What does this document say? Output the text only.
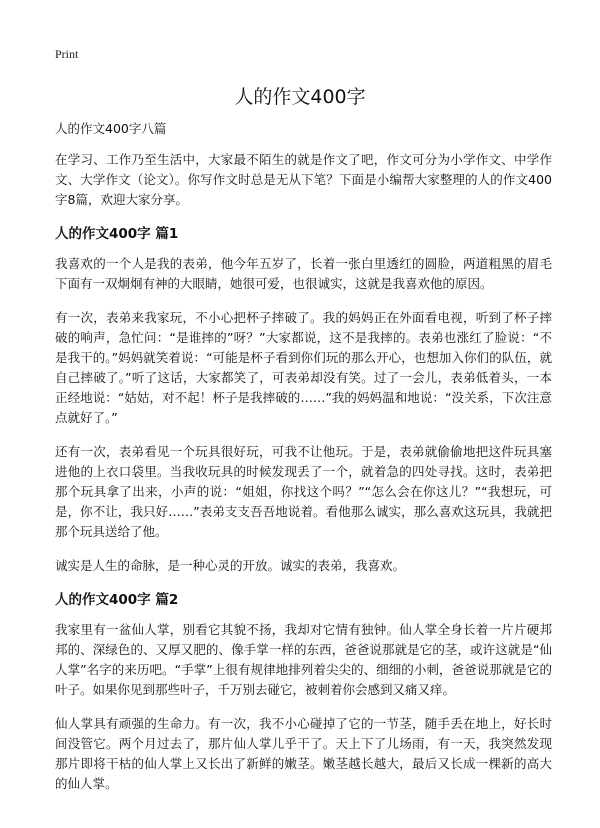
Print
人的作文400字

人的作文400字八篇

在学习、工作乃至生活中，大家最不陌生的就是作文了吧，作文可分为小学作文、中学作文、大学作文（论文）。你写作文时总是无从下笔？下面是小编帮大家整理的人的作文400字8篇，欢迎大家分享。

人的作文400字 篇1

我喜欢的一个人是我的表弟，他今年五岁了，长着一张白里透红的圆脸，两道粗黑的眉毛下面有一双炯炯有神的大眼睛，她很可爱，也很诚实，这就是我喜欢他的原因。

有一次，表弟来我家玩，不小心把杯子摔破了。我的妈妈正在外面看电视，听到了杯子摔破的响声，急忙问：“是谁摔的”呀？”大家都说，这不是我摔的。表弟也涨红了脸说：“不是我干的。”妈妈就笑着说：“可能是杯子看到你们玩的那么开心，也想加入你们的队伍，就自己摔破了。”听了这话，大家都笑了，可表弟却没有笑。过了一会儿，表弟低着头，一本正经地说：“姑姑，对不起！杯子是我摔破的……”我的妈妈温和地说：“没关系，下次注意点就好了。”

还有一次，表弟看见一个玩具很好玩，可我不让他玩。于是，表弟就偷偷地把这件玩具塞进他的上衣口袋里。当我收玩具的时候发现丢了一个，就着急的四处寻找。这时，表弟把那个玩具拿了出来，小声的说：“姐姐，你找这个吗？”“怎么会在你这儿？”“我想玩，可是，你不让，我只好……”表弟支支吾吾地说着。看他那么诚实，那么喜欢这玩具，我就把那个玩具送给了他。

诚实是人生的命脉，是一种心灵的开放。诚实的表弟，我喜欢。

人的作文400字 篇2

我家里有一盆仙人掌，别看它其貌不扬，我却对它情有独钟。仙人掌全身长着一片片硬邦邦的、深绿色的、又厚又肥的、像手掌一样的东西，爸爸说那就是它的茎，或许这就是“仙人掌”名字的来历吧。“手掌”上很有规律地排列着尖尖的、细细的小刺，爸爸说那就是它的叶子。如果你见到那些叶子，千万别去碰它，被刺着你会感到又痛又痒。

仙人掌具有顽强的生命力。有一次，我不小心碰掉了它的一节茎，随手丢在地上，好长时间没管它。两个月过去了，那片仙人掌儿乎干了。天上下了儿场雨，有一天，我突然发现那片即将干枯的仙人掌上又长出了新鲜的嫩茎。嫩茎越长越大，最后又长成一棵新的高大的仙人掌。
